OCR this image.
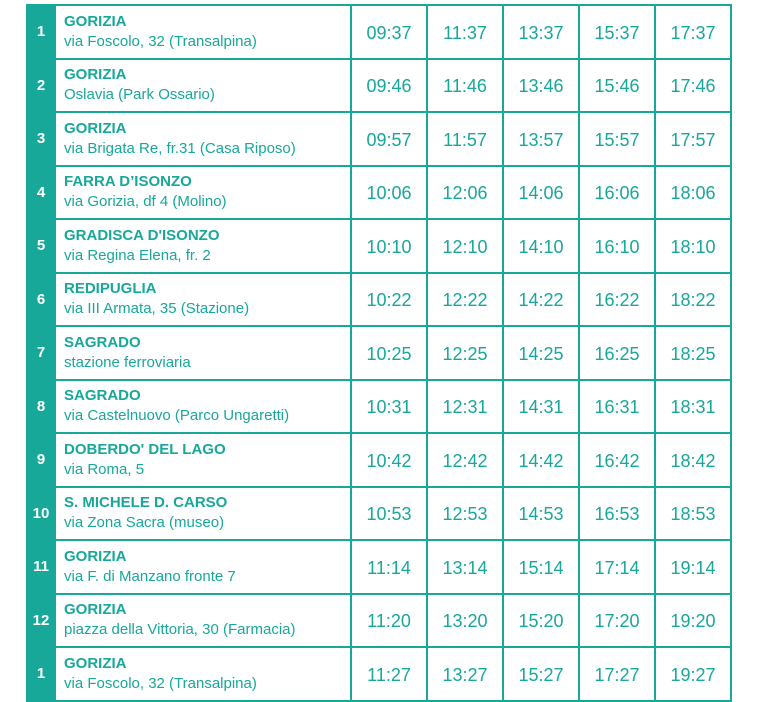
1	GORIZIA
via Foscolo, 32 (Transalpina)	09:37	11:37	13:37	15:37	17:37
2	GORIZIA
Oslavia (Park Ossario)	09:46	11:46	13:46	15:46	17:46
3	GORIZIA
via Brigata Re, fr.31 (Casa Riposo)	09:57	11:57	13:57	15:57	17:57
4	FARRA D’ISONZO
via Gorizia, df 4 (Molino)	10:06	12:06	14:06	16:06	18:06
5	GRADISCA D'ISONZO
via Regina Elena, fr. 2	10:10	12:10	14:10	16:10	18:10
6	REDIPUGLIA
via III Armata, 35 (Stazione)	10:22	12:22	14:22	16:22	18:22
7	SAGRADO
stazione ferroviaria	10:25	12:25	14:25	16:25	18:25
8	SAGRADO
via Castelnuovo (Parco Ungaretti)	10:31	12:31	14:31	16:31	18:31
9	DOBERDO' DEL LAGO
via Roma, 5	10:42	12:42	14:42	16:42	18:42
10	S. MICHELE D. CARSO
via Zona Sacra (museo)	10:53	12:53	14:53	16:53	18:53
11	GORIZIA
via F. di Manzano fronte 7	11:14	13:14	15:14	17:14	19:14
12	GORIZIA
piazza della Vittoria, 30 (Farmacia)	11:20	13:20	15:20	17:20	19:20
1	GORIZIA
via Foscolo, 32 (Transalpina)	11:27	13:27	15:27	17:27	19:27
